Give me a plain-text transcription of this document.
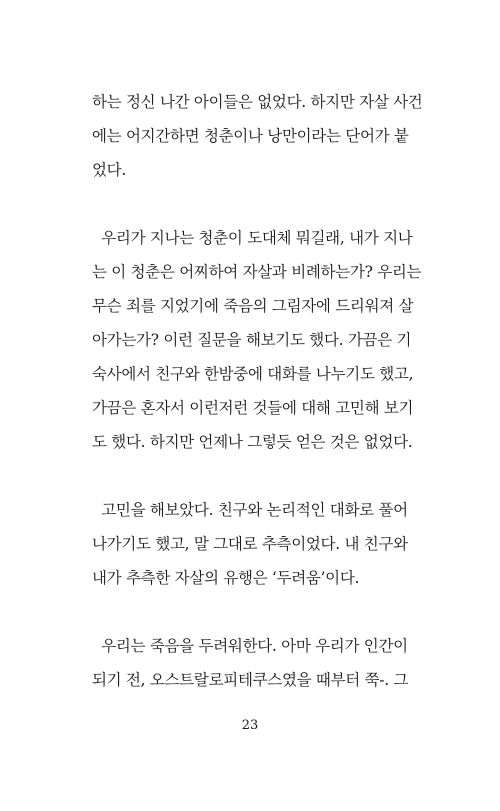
하는 정신 나간 아이들은 없었다. 하지만 자살 사건
에는 어지간하면 청춘이나 낭만이라는 단어가 붙
었다.
우리가 지나는 청춘이 도대체 뭐길래, 내가 지나
는 이 청춘은 어찌하여 자살과 비례하는가? 우리는
무슨 죄를 지었기에 죽음의 그림자에 드리워져 살
아가는가? 이런 질문을 해보기도 했다. 가끔은 기
숙사에서 친구와 한밤중에 대화를 나누기도 했고,
가끔은 혼자서 이런저런 것들에 대해 고민해 보기
도 했다. 하지만 언제나 그렇듯 얻은 것은 없었다.
고민을 해보았다. 친구와 논리적인 대화로 풀어
나가기도 했고, 말 그대로 추측이었다. 내 친구와
내가 추측한 자살의 유행은 ‘두려움’이다.
우리는 죽음을 두려워한다. 아마 우리가 인간이
되기 전, 오스트랄로피테쿠스였을 때부터 쭉-. 그
23
